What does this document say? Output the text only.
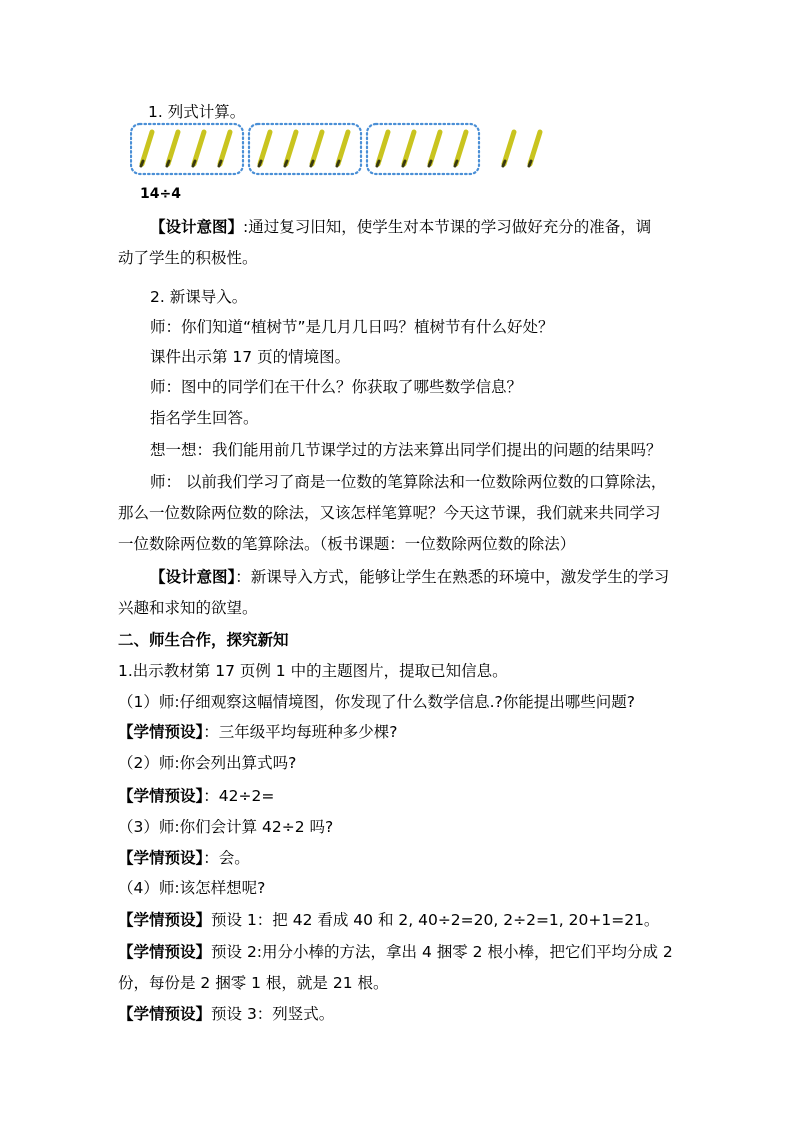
1. 列式计算。
14÷4
【设计意图】:通过复习旧知，使学生对本节课的学习做好充分的准备，调
动了学生的积极性。
2. 新课导入。
师：你们知道“植树节”是几月几日吗？植树节有什么好处？
课件出示第 17 页的情境图。
师：图中的同学们在干什么？你获取了哪些数学信息？
指名学生回答。
想一想：我们能用前几节课学过的方法来算出同学们提出的问题的结果吗？
师： 以前我们学习了商是一位数的笔算除法和一位数除两位数的口算除法，
那么一位数除两位数的除法，又该怎样笔算呢？今天这节课，我们就来共同学习
一位数除两位数的笔算除法。（板书课题：一位数除两位数的除法）
【设计意图】：新课导入方式，能够让学生在熟悉的环境中，激发学生的学习
兴趣和求知的欲望。
二、师生合作，探究新知
1.出示教材第 17 页例 1 中的主题图片，提取已知信息。
（1）师:仔细观察这幅情境图，你发现了什么数学信息.?你能提出哪些问题?
【学情预设】：三年级平均每班种多少棵?
（2）师:你会列出算式吗?
【学情预设】：42÷2=
（3）师:你们会计算 42÷2 吗?
【学情预设】：会。
（4）师:该怎样想呢?
【学情预设】预设 1：把 42 看成 40 和 2, 40÷2=20, 2÷2=1, 20+1=21。
【学情预设】预设 2:用分小棒的方法，拿出 4 捆零 2 根小棒，把它们平均分成 2
份，每份是 2 捆零 1 根，就是 21 根。
【学情预设】预设 3：列竖式。
